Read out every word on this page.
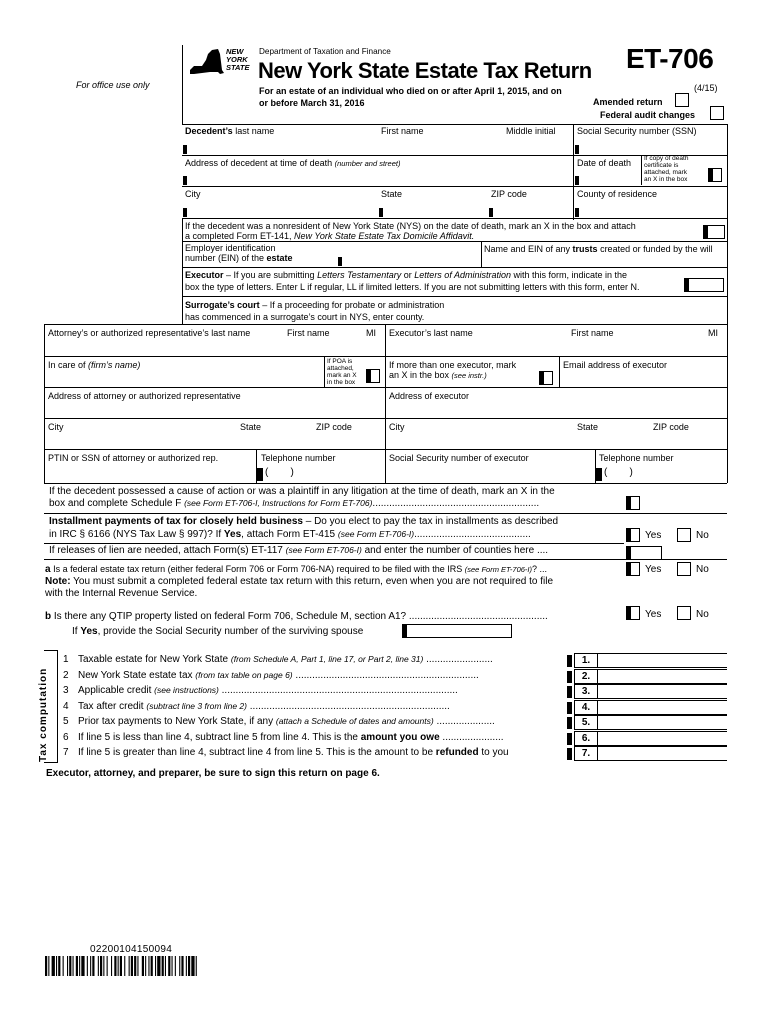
For office use only
NEW
YORK
STATE
Department of Taxation and Finance
New York State Estate Tax Return ET-706
(4/15)
For an estate of an individual who died on or after April 1, 2015, and on
or before March 31, 2016	Amended return
Federal audit changes
Decedent’s last name	First name	Middle initial Social Security number (SSN)
Address of decedent at time of death (number and street)	Date of death If copy of death
certificate is
attached, mark
an X in the box
City	State	ZIP code	County of residence
If the decedent was a nonresident of New York State (NYS) on the date of death, mark an X in the box and attach
a completed Form ET-141, New York State Estate Tax Domicile Affidavit.
Employer identification
number (EIN) of the estate
Name and EIN of any trusts created or funded by the will
Executor – If you are submitting Letters Testamentary or Letters of Administration with this form, indicate in the
box the type of letters. Enter L if regular, LL if limited letters. If you are not submitting letters with this form, enter N.
Surrogate’s court – If a proceeding for probate or administration
has commenced in a surrogate’s court in NYS, enter county.
Attorney’s or authorized representative’s last name	First name	MI Executor’s last name	First name	MI
In care of (firm’s name)	If POA is
attached,
mark an X
in the box
If more than one executor, mark
an X in the box (see instr.)
Email address of executor
Address of attorney or authorized representative	Address of executor
City	State	ZIP code	City	State	ZIP code
PTIN or SSN of attorney or authorized rep.	Telephone number
(        )
Social Security number of executor	Telephone number
(        )
If the decedent possessed a cause of action or was a plaintiff in any litigation at the time of death, mark an X in the
box and complete Schedule F (see Form ET-706-I, Instructions for Form ET-706)............................................................
Installment payments of tax for closely held business – Do you elect to pay the tax in installments as described
in IRC § 6166 (NYS Tax Law § 997)? If Yes, attach Form ET-415 (see Form ET-706-I)..........................................	Yes	No
If releases of lien are needed, attach Form(s) ET-117 (see Form ET-706-I) and enter the number of counties here ....
a Is a federal estate tax return (either federal Form 706 or Form 706-NA) required to be filed with the IRS (see Form ET-706-I)? ...
Note: You must submit a completed federal estate tax return with this return, even when you are not required to file
with the Internal Revenue Service.
Yes	No
b Is there any QTIP property listed on federal Form 706, Schedule M, section A1? ..................................................
If Yes, provide the Social Security number of the surviving spouse
Yes	No
Tax computation
1 Taxable estate for New York State (from Schedule A, Part 1, line 17, or Part 2, line 31) ........................	1.
2 New York State estate tax (from tax table on page 6) ..................................................................	2.
3 Applicable credit (see instructions) .....................................................................................	3.
4 Tax after credit (subtract line 3 from line 2) ........................................................................	4.
5 Prior tax payments to New York State, if any (attach a Schedule of dates and amounts) .....................	5.
6 If line 5 is less than line 4, subtract line 5 from line 4. This is the amount you owe ......................	6.
7 If line 5 is greater than line 4, subtract line 4 from line 5. This is the amount to be refunded to you	7.
Executor, attorney, and preparer, be sure to sign this return on page 6.
02200104150094
